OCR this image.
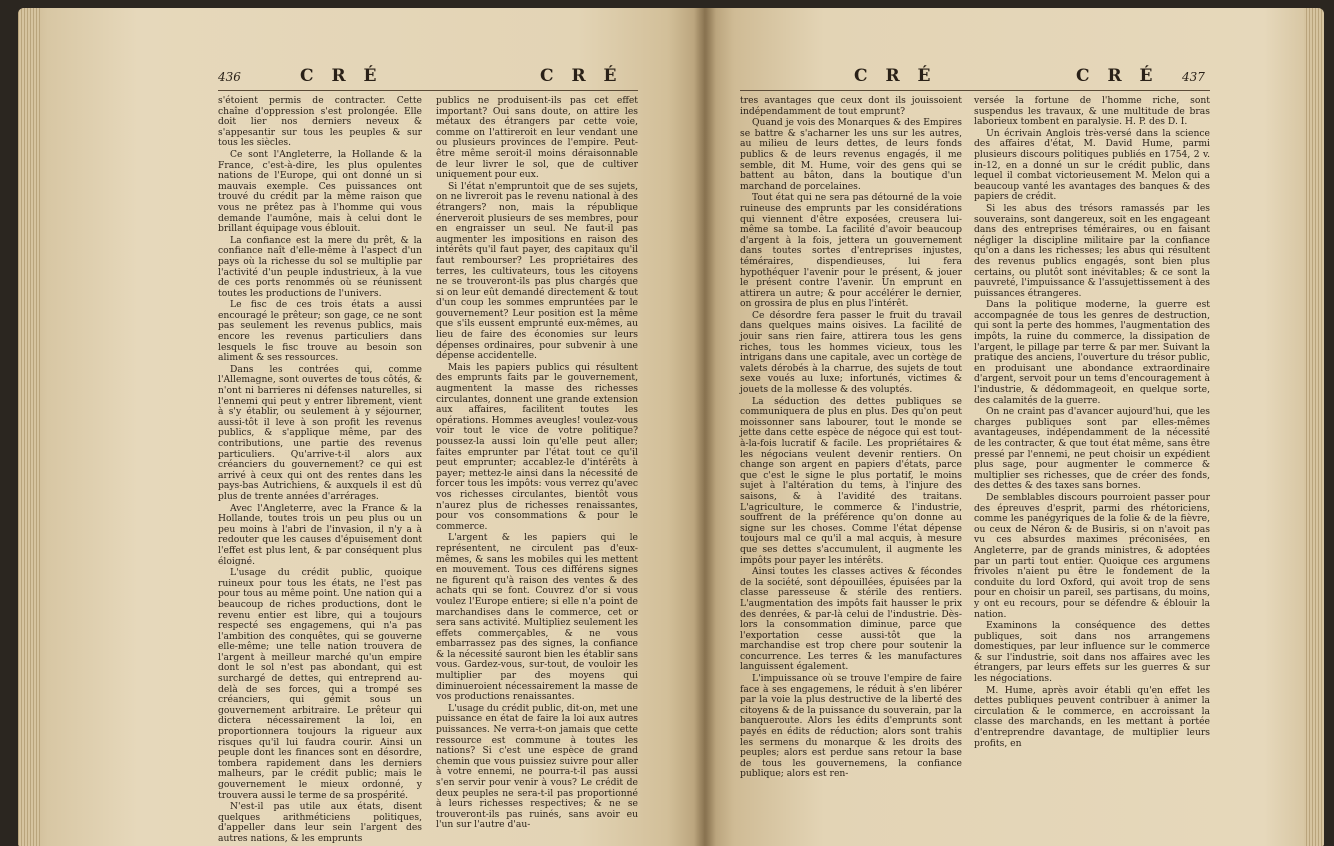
436	C R É	C R É

s'étoient permis de contracter. Cette chaîne d'oppression s'est prolongée. Elle doit lier nos derniers neveux & s'appesantir sur tous les peuples & sur tous les siècles.

Ce sont l'Angleterre, la Hollande & la France, c'est-à-dire, les plus opulentes nations de l'Europe, qui ont donné un si mauvais exemple. Ces puissances ont trouvé du crédit par la même raison que vous ne prêtez pas à l'homme qui vous demande l'aumône, mais à celui dont le brillant équipage vous éblouit.

La confiance est la mere du prêt, & la confiance naît d'elle-même à l'aspect d'un pays où la richesse du sol se multiplie par l'activité d'un peuple industrieux, à la vue de ces ports renommés où se réunissent toutes les productions de l'univers.

Le fisc de ces trois états a aussi encouragé le prêteur; son gage, ce ne sont pas seulement les revenus publics, mais encore les revenus particuliers dans lesquels le fisc trouve au besoin son aliment & ses ressources.

Dans les contrées qui, comme l'Allemagne, sont ouvertes de tous côtés, & n'ont ni barrieres ni défenses naturelles, si l'ennemi qui peut y entrer librement, vient à s'y établir, ou seulement à y séjourner, aussi-tôt il leve à son profit les revenus publics, & s'applique même, par des contributions, une partie des revenus particuliers. Qu'arrive-t-il alors aux créanciers du gouvernement? ce qui est arrivé à ceux qui ont des rentes dans les pays-bas Autrichiens, & auxquels il est dû plus de trente années d'arrérages.

Avec l'Angleterre, avec la France & la Hollande, toutes trois un peu plus ou un peu moins à l'abri de l'invasion, il n'y a à redouter que les causes d'épuisement dont l'effet est plus lent, & par conséquent plus éloigné.

L'usage du crédit public, quoique ruineux pour tous les états, ne l'est pas pour tous au même point. Une nation qui a beaucoup de riches productions, dont le revenu entier est libre, qui a toujours respecté ses engagemens, qui n'a pas l'ambition des conquêtes, qui se gouverne elle-même; une telle nation trouvera de l'argent à meilleur marché qu'un empire dont le sol n'est pas abondant, qui est surchargé de dettes, qui entreprend au-delà de ses forces, qui a trompé ses créanciers, qui gémit sous un gouvernement arbitraire. Le prêteur qui dictera nécessairement la loi, en proportionnera toujours la rigueur aux risques qu'il lui faudra courir. Ainsi un peuple dont les finances sont en désordre, tombera rapidement dans les derniers malheurs, par le crédit public; mais le gouvernement le mieux ordonné, y trouvera aussi le terme de sa prospérité.

N'est-il pas utile aux états, disent quelques arithméticiens politiques, d'appeller dans leur sein l'argent des autres nations, & les emprunts

publics ne produisent-ils pas cet effet important? Oui sans doute, on attire les métaux des étrangers par cette voie, comme on l'attireroit en leur vendant une ou plusieurs provinces de l'empire. Peut-être même seroit-il moins déraisonnable de leur livrer le sol, que de cultiver uniquement pour eux.

Si l'état n'empruntoit que de ses sujets, on ne livreroit pas le revenu national à des étrangers? non, mais la république énerveroit plusieurs de ses membres, pour en engraisser un seul. Ne faut-il pas augmenter les impositions en raison des intérêts qu'il faut payer, des capitaux qu'il faut rembourser? Les propriétaires des terres, les cultivateurs, tous les citoyens ne se trouveront-ils pas plus chargés que si on leur eût demandé directement & tout d'un coup les sommes empruntées par le gouvernement? Leur position est la même que s'ils eussent emprunté eux-mêmes, au lieu de faire des économies sur leurs dépenses ordinaires, pour subvenir à une dépense accidentelle.

Mais les papiers publics qui résultent des emprunts faits par le gouvernement, augmentent la masse des richesses circulantes, donnent une grande extension aux affaires, facilitent toutes les opérations. Hommes aveugles! voulez-vous voir tout le vice de votre politique? poussez-la aussi loin qu'elle peut aller; faites emprunter par l'état tout ce qu'il peut emprunter; accablez-le d'intérêts à payer; mettez-le ainsi dans la nécessité de forcer tous les impôts: vous verrez qu'avec vos richesses circulantes, bientôt vous n'aurez plus de richesses renaissantes, pour vos consommations & pour le commerce.

L'argent & les papiers qui le représentent, ne circulent pas d'eux-mêmes, & sans les mobiles qui les mettent en mouvement. Tous ces différens signes ne figurent qu'à raison des ventes & des achats qui se font. Couvrez d'or si vous voulez l'Europe entiere; si elle n'a point de marchandises dans le commerce, cet or sera sans activité. Multipliez seulement les effets commerçables, & ne vous embarrassez pas des signes, la confiance & la nécessité sauront bien les établir sans vous. Gardez-vous, sur-tout, de vouloir les multiplier par des moyens qui diminueroient nécessairement la masse de vos productions renaissantes.

L'usage du crédit public, dit-on, met une puissance en état de faire la loi aux autres puissances. Ne verra-t-on jamais que cette ressource est commune à toutes les nations? Si c'est une espèce de grand chemin que vous puissiez suivre pour aller à votre ennemi, ne pourra-t-il pas aussi s'en servir pour venir à vous? Le crédit de deux peuples ne sera-t-il pas proportionné à leurs richesses respectives; & ne se trouveront-ils pas ruinés, sans avoir eu l'un sur l'autre d'au-

C R É	C R É 437

tres avantages que ceux dont ils jouissoient indépendamment de tout emprunt?

Quand je vois des Monarques & des Empires se battre & s'acharner les uns sur les autres, au milieu de leurs dettes, de leurs fonds publics & de leurs revenus engagés, il me semble, dit M. Hume, voir des gens qui se battent au bâton, dans la boutique d'un marchand de porcelaines.

Tout état qui ne sera pas détourné de la voie ruineuse des emprunts par les considérations qui viennent d'être exposées, creusera lui-même sa tombe. La facilité d'avoir beaucoup d'argent à la fois, jettera un gouvernement dans toutes sortes d'entreprises injustes, téméraires, dispendieuses, lui fera hypothéquer l'avenir pour le présent, & jouer le présent contre l'avenir. Un emprunt en attirera un autre; & pour accélérer le dernier, on grossira de plus en plus l'intérêt.

Ce désordre fera passer le fruit du travail dans quelques mains oisives. La facilité de jouir sans rien faire, attirera tous les gens riches, tous les hommes vicieux, tous les intrigans dans une capitale, avec un cortège de valets dérobés à la charrue, des sujets de tout sexe voués au luxe; infortunés, victimes & jouets de la mollesse & des voluptés.

La séduction des dettes publiques se communiquera de plus en plus. Des qu'on peut moissonner sans labourer, tout le monde se jette dans cette espèce de négoce qui est tout-à-la-fois lucratif & facile. Les propriétaires & les négocians veulent devenir rentiers. On change son argent en papiers d'états, parce que c'est le signe le plus portatif, le moins sujet à l'altération du tems, à l'injure des saisons, & à l'avidité des traitans. L'agriculture, le commerce & l'industrie, souffrent de la préférence qu'on donne au signe sur les choses. Comme l'état dépense toujours mal ce qu'il a mal acquis, à mesure que ses dettes s'accumulent, il augmente les impôts pour payer les intérêts.

Ainsi toutes les classes actives & fécondes de la société, sont dépouillées, épuisées par la classe paresseuse & stérile des rentiers. L'augmentation des impôts fait hausser le prix des denrées, & par-là celui de l'industrie. Dès-lors la consommation diminue, parce que l'exportation cesse aussi-tôt que la marchandise est trop chere pour soutenir la concurrence. Les terres & les manufactures languissent également.

L'impuissance où se trouve l'empire de faire face à ses engagemens, le réduit à s'en libérer par la voie la plus destructive de la liberté des citoyens & de la puissance du souverain, par la banqueroute. Alors les édits d'emprunts sont payés en édits de réduction; alors sont trahis les sermens du monarque & les droits des peuples; alors est perdue sans retour la base de tous les gouvernemens, la confiance publique; alors est ren-

versée la fortune de l'homme riche, sont suspendus les travaux, & une multitude de bras laborieux tombent en paralysie. H. P. des D. I.

Un écrivain Anglois très-versé dans la science des affaires d'état, M. David Hume, parmi plusieurs discours politiques publiés en 1754, 2 v. in-12, en a donné un sur le crédit public, dans lequel il combat victorieusement M. Melon qui a beaucoup vanté les avantages des banques & des papiers de crédit.

Si les abus des trésors ramassés par les souverains, sont dangereux, soit en les engageant dans des entreprises téméraires, ou en faisant négliger la discipline militaire par la confiance qu'on a dans les richesses; les abus qui résultent des revenus publics engagés, sont bien plus certains, ou plutôt sont inévitables; & ce sont la pauvreté, l'impuissance & l'assujettissement à des puissances étrangeres.

Dans la politique moderne, la guerre est accompagnée de tous les genres de destruction, qui sont la perte des hommes, l'augmentation des impôts, la ruine du commerce, la dissipation de l'argent, le pillage par terre & par mer. Suivant la pratique des anciens, l'ouverture du trésor public, en produisant une abondance extraordinaire d'argent, servoit pour un tems d'encouragement à l'industrie, & dédommageoit, en quelque sorte, des calamités de la guerre.

On ne craint pas d'avancer aujourd'hui, que les charges publiques sont par elles-mêmes avantageuses, indépendamment de la nécessité de les contracter, & que tout état même, sans être pressé par l'ennemi, ne peut choisir un expédient plus sage, pour augmenter le commerce & multiplier ses richesses, que de créer des fonds, des dettes & des taxes sans bornes.

De semblables discours pourroient passer pour des épreuves d'esprit, parmi des rhétoriciens, comme les panégyriques de la folie & de la fièvre, ou ceux de Néron & de Busiris, si on n'avoit pas vu ces absurdes maximes préconisées, en Angleterre, par de grands ministres, & adoptées par un parti tout entier. Quoique ces argumens frivoles n'aient pu être le fondement de la conduite du lord Oxford, qui avoit trop de sens pour en choisir un pareil, ses partisans, du moins, y ont eu recours, pour se défendre & éblouir la nation.

Examinons la conséquence des dettes publiques, soit dans nos arrangemens domestiques, par leur influence sur le commerce & sur l'industrie, soit dans nos affaires avec les étrangers, par leurs effets sur les guerres & sur les négociations.

M. Hume, après avoir établi qu'en effet les dettes publiques peuvent contribuer à animer la circulation & le commerce, en accroissant la classe des marchands, en les mettant à portée d'entreprendre davantage, de multiplier leurs profits, en
